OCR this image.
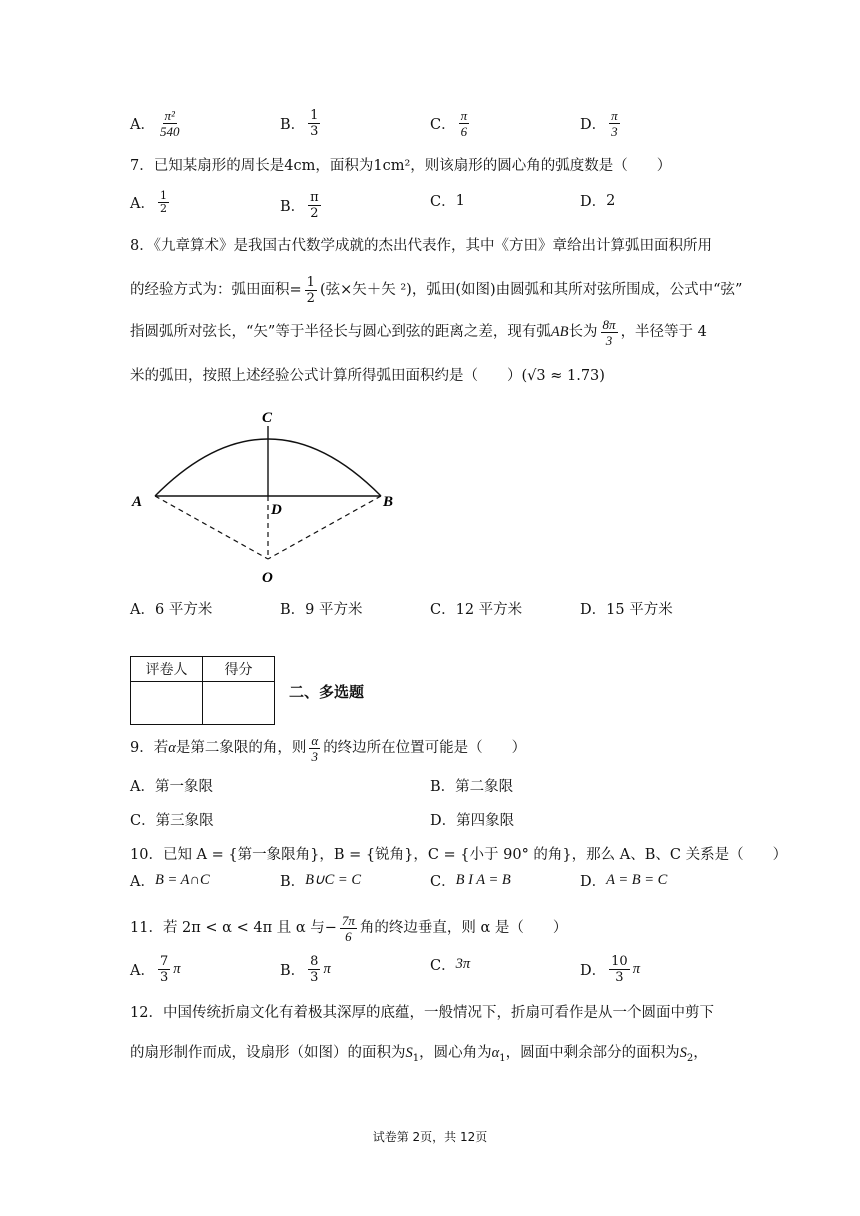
A． $\frac{\text{π²}}{540}$	B． $\frac{1}{3}$	C． $\frac{\pi}{6}$	D． $\frac{\pi}{3}$
7．已知某扇形的周长是4cm，面积为1cm²，则该扇形的圆心角的弧度数是（　　）
A． $\frac{1}{2}$	B． $\frac{\pi}{2}$	C． 1	D． 2
8．《九章算术》是我国古代数学成就的杰出代表作，其中《方田》章给出计算弧田面积所用
的经验方式为：弧田面积 = $\frac{1}{2}$ (弦×矢＋矢 ²)，弧田(如图)由圆弧和其所对弦所围成，公式中“弦”
指圆弧所对弦长，“矢”等于半径长与圆心到弦的距离之差，现有弧 AB 长为 $\frac{8\pi}{3}$ ，半径等于 4
米的弧田，按照上述经验公式计算所得弧田面积约是（　　）(√3 ≈ 1.73)
C
A	D	B
O
A． 6 平方米	B． 9 平方米	C． 12 平方米	D． 15 平方米
评卷人	得分

二、多选题
9．若 α 是第二象限的角，则 $\frac{\alpha}{3}$ 的终边所在位置可能是（　　）
A．第一象限	B．第二象限
C．第三象限	D．第四象限
10．已知 A = {第一象限角}，B = {锐角}，C = {小于 90° 的角}，那么 A、B、C 关系是（　　）
A． B = A∩C	B． B∪C = C	C． B I A = B	D． A = B = C
11．若 2π < α < 4π 且 α 与 − $\frac{7\pi}{6}$ 角的终边垂直，则 α 是（　　）
A． $\frac{7}{3}$ π	B． $\frac{8}{3}$ π	C． 3π	D． $\frac{10}{3}$ π
12．中国传统折扇文化有着极其深厚的底蕴，一般情况下，折扇可看作是从一个圆面中剪下
的扇形制作而成，设扇形（如图）的面积为$S_1$，圆心角为$\alpha_1$，圆面中剩余部分的面积为$S_2$，
试卷第 2页，共 12页
